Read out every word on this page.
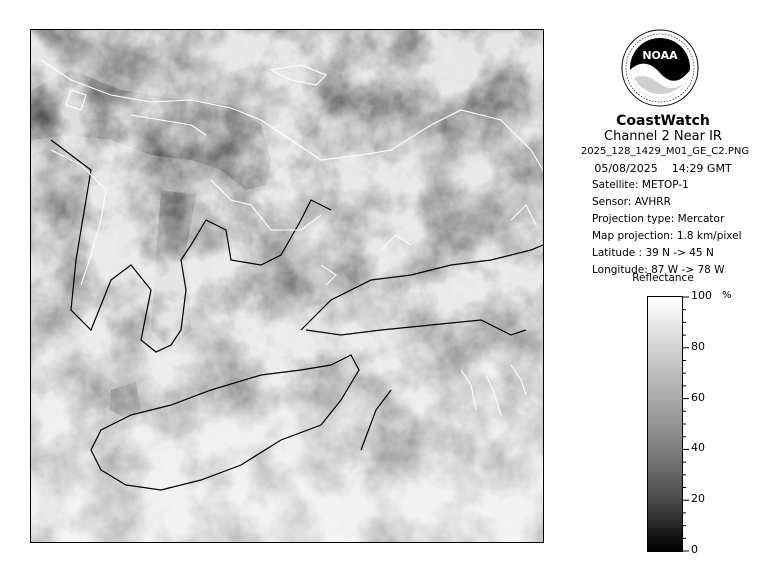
NOAA
CoastWatch
Channel 2 Near IR
2025_128_1429_M01_GE_C2.PNG
05/08/2025 14:29 GMT
Satellite: METOP-1
Sensor: AVHRR
Projection type: Mercator
Map projection: 1.8 km/pixel
Latitude : 39 N -> 45 N
Longitude: 87 W -> 78 W
Reflectance
%
100
80
60
40
20
0
